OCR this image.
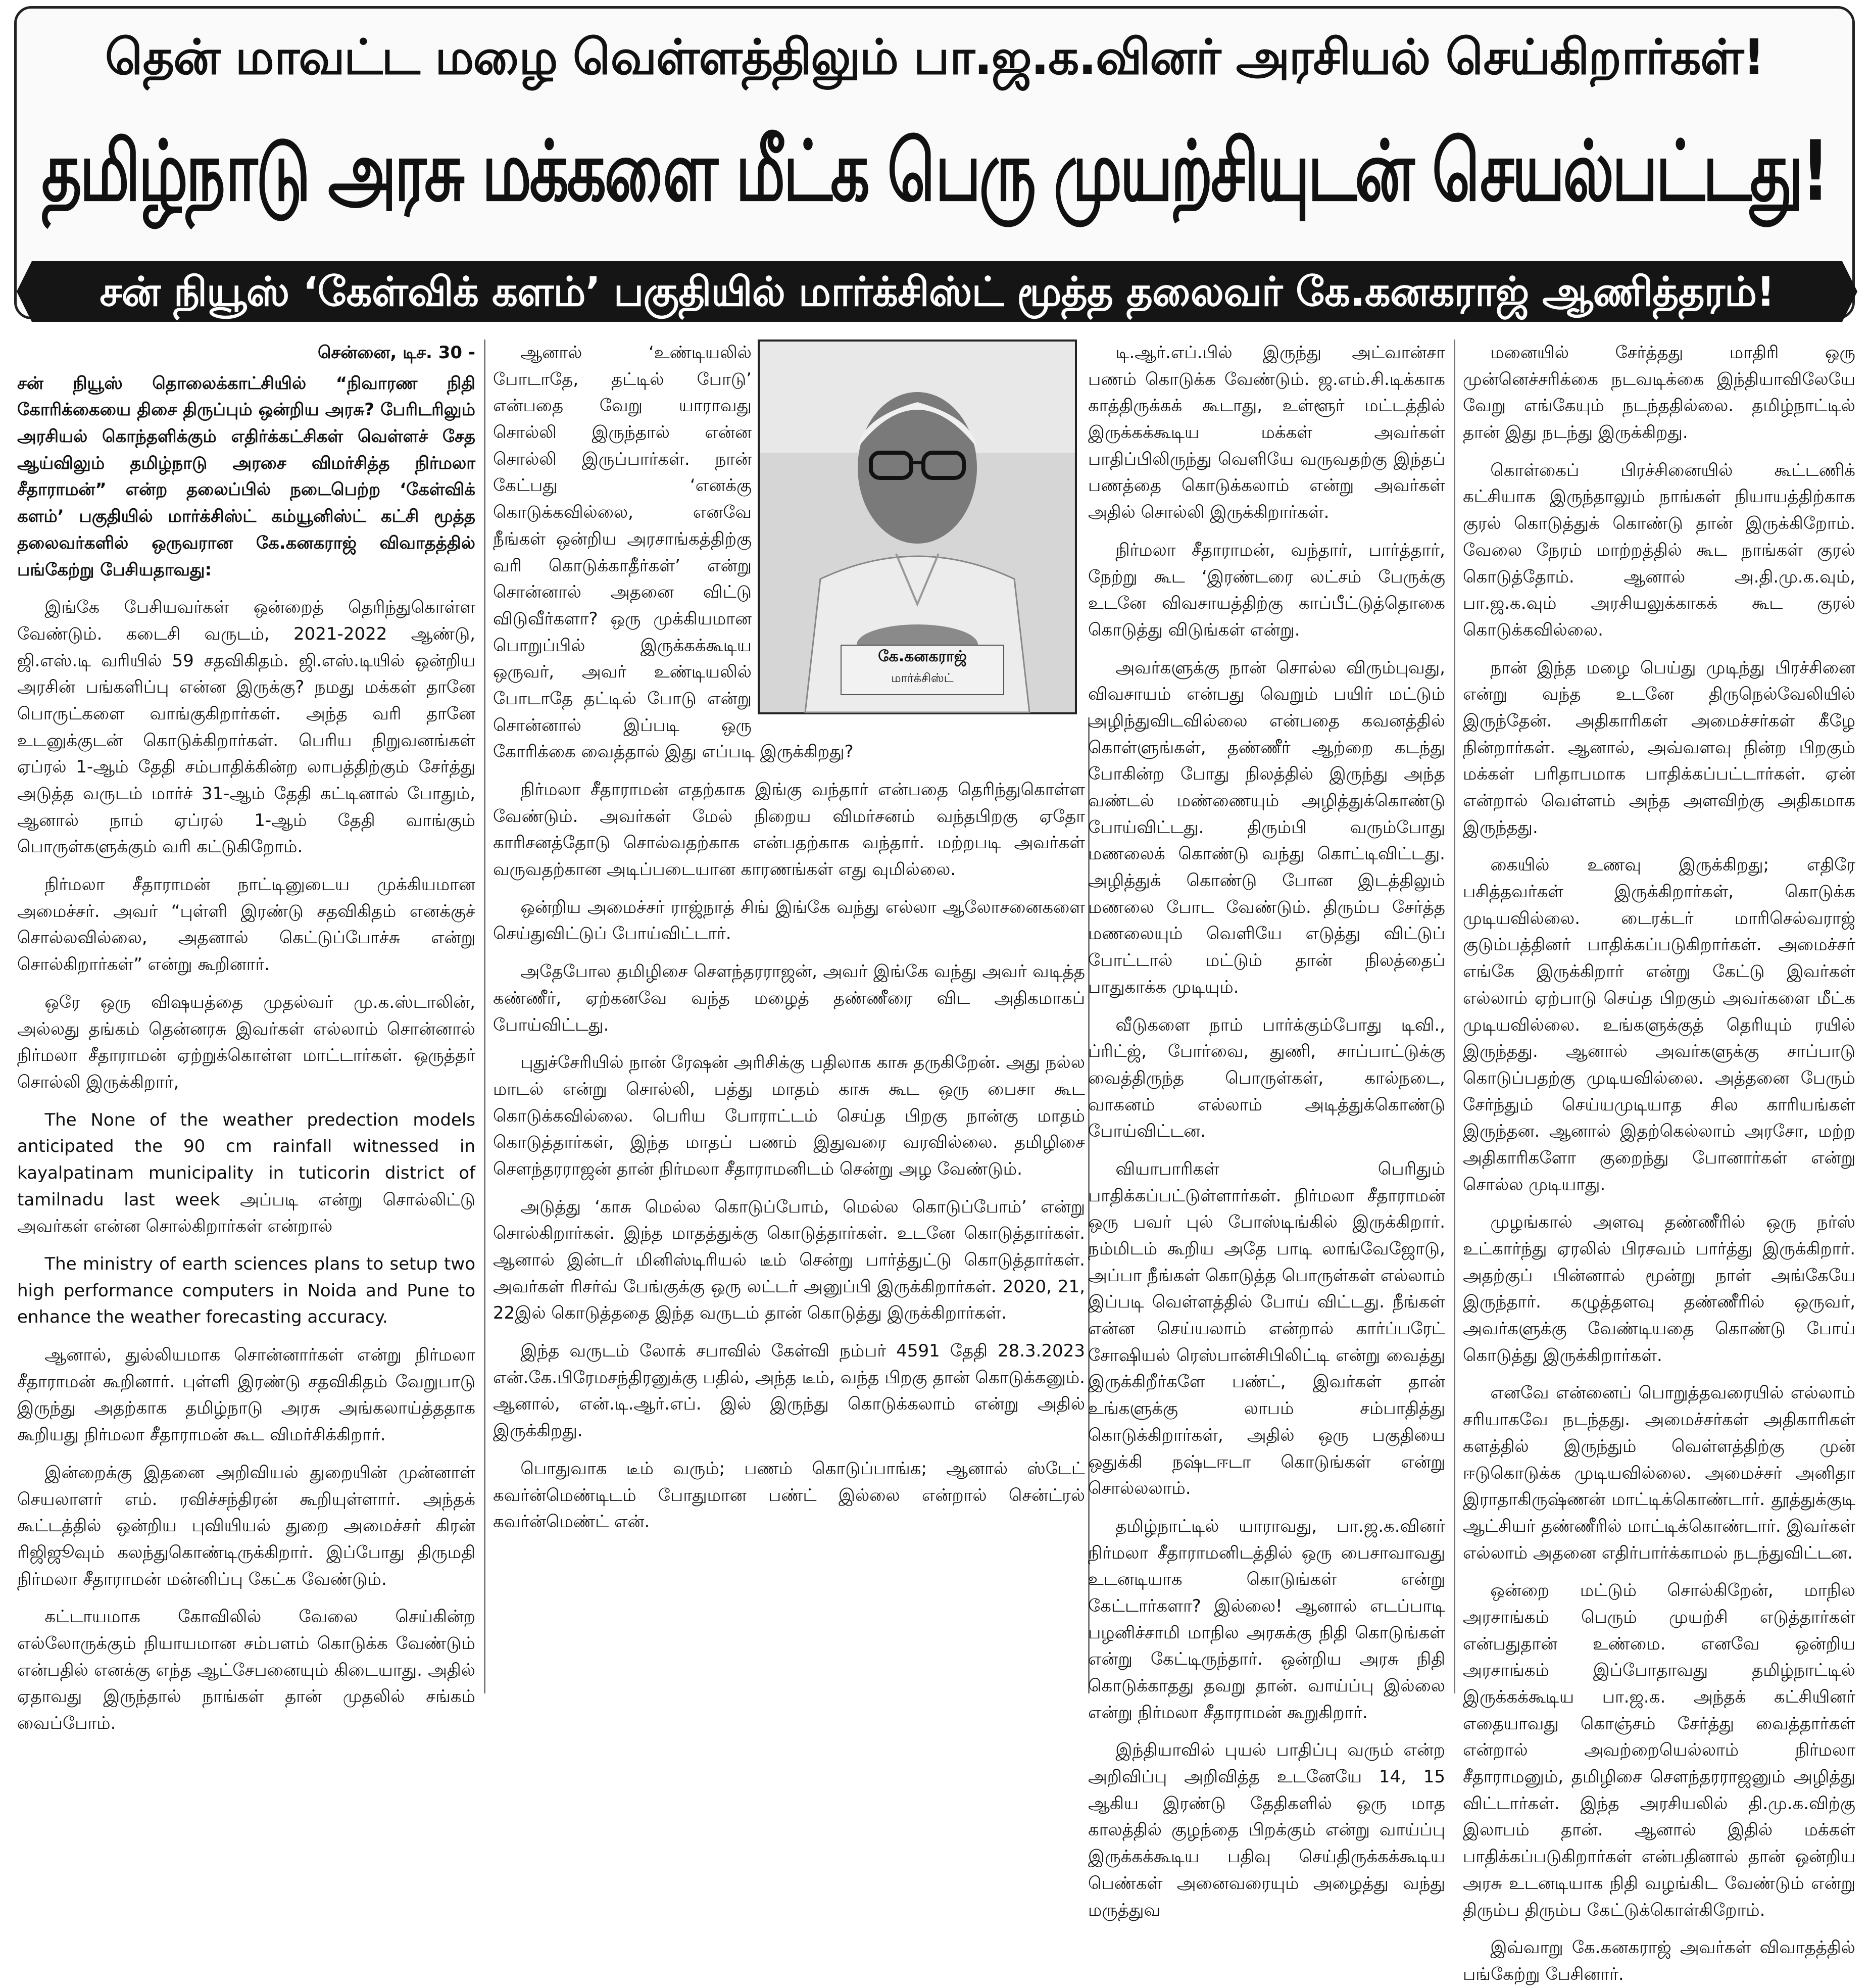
தென் மாவட்ட மழை வெள்ளத்திலும் பா.ஜ.க.வினர் அரசியல் செய்கிறார்கள்!
தமிழ்நாடு அரசு மக்களை மீட்க பெரு முயற்சியுடன் செயல்பட்டது!
சன் நியூஸ் ‘கேள்விக் களம்’ பகுதியில் மார்க்சிஸ்ட் மூத்த தலைவர் கே.கனகராஜ் ஆணித்தரம்!

சென்னை, டிச. 30 -

சன் நியூஸ் தொலைக்காட்சியில் “நிவாரண நிதி கோரிக்கையை திசை திருப்பும் ஒன்றிய அரசு? பேரிடரிலும் அரசியல் கொந்தளிக்கும் எதிர்க்கட்சிகள் வெள்ளச் சேத ஆய்விலும் தமிழ்நாடு அரசை விமர்சித்த நிர்மலா சீதாராமன்” என்ற தலைப்பில் நடைபெற்ற ‘கேள்விக் களம்’ பகுதியில் மார்க்சிஸ்ட் கம்யூனிஸ்ட் கட்சி மூத்த தலைவர்களில் ஒருவரான கே.கனகராஜ் விவாதத்தில் பங்கேற்று பேசியதாவது:

இங்கே பேசியவர்கள் ஒன்றைத் தெரிந்துகொள்ள வேண்டும். கடைசி வருடம், 2021-2022 ஆண்டு, ஜி.எஸ்.டி வரியில் 59 சதவிகிதம். ஜி.எஸ்.டியில் ஒன்றிய அரசின் பங்களிப்பு என்ன இருக்கு? நமது மக்கள் தானே பொருட்களை வாங்குகிறார்கள். அந்த வரி தானே உடனுக்குடன் கொடுக்கிறார்கள். பெரிய நிறுவனங்கள் ஏப்ரல் 1-ஆம் தேதி சம்பாதிக்கின்ற லாபத்திற்கும் சேர்த்து அடுத்த வருடம் மார்ச் 31-ஆம் தேதி கட்டினால் போதும், ஆனால் நாம் ஏப்ரல் 1-ஆம் தேதி வாங்கும் பொருள்களுக்கும் வரி கட்டுகிறோம்.

நிர்மலா சீதாராமன் நாட்டினுடைய முக்கியமான அமைச்சர். அவர் “புள்ளி இரண்டு சதவிகிதம் எனக்குச் சொல்லவில்லை, அதனால் கெட்டுப்போச்சு என்று சொல்கிறார்கள்” என்று கூறினார்.

ஒரே ஒரு விஷயத்தை முதல்வர் மு.க.ஸ்டாலின், அல்லது தங்கம் தென்னரசு இவர்கள் எல்லாம் சொன்னால் நிர்மலா சீதாராமன் ஏற்றுக்கொள்ள மாட்டார்கள். ஒருத்தர் சொல்லி இருக்கிறார்,

The None of the weather predection models anticipated the 90 cm rainfall witnessed in kayalpatinam municipality in tuticorin district of tamilnadu last week அப்படி என்று சொல்லிட்டு அவர்கள் என்ன சொல்கிறார்கள் என்றால்

The ministry of earth sciences plans to setup two high performance computers in Noida and Pune to enhance the weather forecasting accuracy.

ஆனால், துல்லியமாக சொன்னார்கள் என்று நிர்மலா சீதாராமன் கூறினார். புள்ளி இரண்டு சதவிகிதம் வேறுபாடு இருந்து அதற்காக தமிழ்நாடு அரசு அங்கலாய்த்ததாக கூறியது நிர்மலா சீதாராமன் கூட விமர்சிக்கிறார்.

இன்றைக்கு இதனை அறிவியல் துறையின் முன்னாள் செயலாளர் எம். ரவிச்சந்திரன் கூறியுள்ளார். அந்தக் கூட்டத்தில் ஒன்றிய புவியியல் துறை அமைச்சர் கிரன் ரிஜிஜூவும் கலந்துகொண்டிருக்கிறார். இப்போது திருமதி நிர்மலா சீதாராமன் மன்னிப்பு கேட்க வேண்டும்.

கட்டாயமாக கோவிலில் வேலை செய்கின்ற எல்லோருக்கும் நியாயமான சம்பளம் கொடுக்க வேண்டும் என்பதில் எனக்கு எந்த ஆட்சேபனையும் கிடையாது. அதில் ஏதாவது இருந்தால் நாங்கள் தான் முதலில் சங்கம் வைப்போம்.

ஆனால் ‘உண்டியலில் போடாதே, தட்டில் போடு’ என்பதை வேறு யாராவது சொல்லி இருந்தால் என்ன சொல்லி இருப்பார்கள். நான் கேட்பது ‘எனக்கு கொடுக்கவில்லை, எனவே நீங்கள் ஒன்றிய அரசாங்கத்திற்கு வரி கொடுக்காதீர்கள்’ என்று சொன்னால் அதனை விட்டு விடுவீர்களா? ஒரு முக்கியமான பொறுப்பில் இருக்கக்கூடிய ஒருவர், அவர் உண்டியலில் போடாதே தட்டில் போடு என்று சொன்னால் இப்படி ஒரு கோரிக்கை வைத்தால் இது எப்படி இருக்கிறது?

நிர்மலா சீதாராமன் எதற்காக இங்கு வந்தார் என்பதை தெரிந்துகொள்ள வேண்டும். அவர்கள் மேல் நிறைய விமர்சனம் வந்தபிறகு ஏதோ காரிசனத்தோடு சொல்வதற்காக என்பதற்காக வந்தார். மற்றபடி அவர்கள் வருவதற்கான அடிப்படையான காரணங்கள் எது வுமில்லை.

ஒன்றிய அமைச்சர் ராஜ்நாத் சிங் இங்கே வந்து எல்லா ஆலோசனைகளை செய்துவிட்டுப் போய்விட்டார்.

அதேபோல தமிழிசை சௌந்தரராஜன், அவர் இங்கே வந்து அவர் வடித்த கண்ணீர், ஏற்கனவே வந்த மழைத் தண்ணீரை விட அதிகமாகப் போய்விட்டது.

புதுச்சேரியில் நான் ரேஷன் அரிசிக்கு பதிலாக காசு தருகிறேன். அது நல்ல மாடல் என்று சொல்லி, பத்து மாதம் காசு கூட ஒரு பைசா கூட கொடுக்கவில்லை. பெரிய போராட்டம் செய்த பிறகு நான்கு மாதம் கொடுத்தார்கள், இந்த மாதப் பணம் இதுவரை வரவில்லை. தமிழிசை சௌந்தரராஜன் தான் நிர்மலா சீதாராமனிடம் சென்று அழ வேண்டும்.

அடுத்து ‘காசு மெல்ல கொடுப்போம், மெல்ல கொடுப்போம்’ என்று சொல்கிறார்கள். இந்த மாதத்துக்கு கொடுத்தார்கள். உடனே கொடுத்தார்கள். ஆனால் இன்டர் மினிஸ்டிரியல் டீம் சென்று பார்த்துட்டு கொடுத்தார்கள். அவர்கள் ரிசர்வ் பேங்குக்கு ஒரு லட்டர் அனுப்பி இருக்கிறார்கள். 2020, 21, 22இல் கொடுத்ததை இந்த வருடம் தான் கொடுத்து இருக்கிறார்கள்.

இந்த வருடம் லோக் சபாவில் கேள்வி நம்பர் 4591 தேதி 28.3.2023 என்.கே.பிரேமசந்திரனுக்கு பதில், அந்த டீம், வந்த பிறகு தான் கொடுக்கனும். ஆனால், என்.டி.ஆர்.எப். இல் இருந்து கொடுக்கலாம் என்று அதில் இருக்கிறது.

பொதுவாக டீம் வரும்; பணம் கொடுப்பாங்க; ஆனால் ஸ்டேட் கவர்ன்மெண்டிடம் போதுமான பண்ட் இல்லை என்றால் சென்ட்ரல் கவர்ன்மெண்ட் என்.

கே.கனகராஜ்
மார்க்சிஸ்ட்

டி.ஆர்.எப்.பில் இருந்து அட்வான்சா பணம் கொடுக்க வேண்டும். ஜ.எம்.சி.டிக்காக காத்திருக்கக் கூடாது, உள்ளூர் மட்டத்தில் இருக்கக்கூடிய மக்கள் அவர்கள் பாதிப்பிலிருந்து வெளியே வருவதற்கு இந்தப் பணத்தை கொடுக்கலாம் என்று அவர்கள் அதில் சொல்லி இருக்கிறார்கள்.

நிர்மலா சீதாராமன், வந்தார், பார்த்தார், நேற்று கூட ‘இரண்டரை லட்சம் பேருக்கு உடனே விவசாயத்திற்கு காப்பீட்டுத்தொகை கொடுத்து விடுங்கள் என்று.

அவர்களுக்கு நான் சொல்ல விரும்புவது, விவசாயம் என்பது வெறும் பயிர் மட்டும் அழிந்துவிடவில்லை என்பதை கவனத்தில் கொள்ளுங்கள், தண்ணீர் ஆற்றை கடந்து போகின்ற போது நிலத்தில் இருந்து அந்த வண்டல் மண்ணையும் அழித்துக்கொண்டு போய்விட்டது. திரும்பி வரும்போது மணலைக் கொண்டு வந்து கொட்டிவிட்டது. அழித்துக் கொண்டு போன இடத்திலும் மணலை போட வேண்டும். திரும்ப சேர்த்த மணலையும் வெளியே எடுத்து விட்டுப் போட்டால் மட்டும் தான் நிலத்தைப் பாதுகாக்க முடியும்.

வீடுகளை நாம் பார்க்கும்போது டிவி., ப்ரிட்ஜ், போர்வை, துணி, சாப்பாட்டுக்கு வைத்திருந்த பொருள்கள், கால்நடை, வாகனம் எல்லாம் அடித்துக்கொண்டு போய்விட்டன.

வியாபாரிகள் பெரிதும் பாதிக்கப்பட்டுள்ளார்கள். நிர்மலா சீதாராமன் ஒரு பவர் புல் போஸ்டிங்கில் இருக்கிறார். நம்மிடம் கூறிய அதே பாடி லாங்வேஜோடு, அப்பா நீங்கள் கொடுத்த பொருள்கள் எல்லாம் இப்படி வெள்ளத்தில் போய் விட்டது. நீங்கள் என்ன செய்யலாம் என்றால் கார்ப்பரேட் சோஷியல் ரெஸ்பான்சிபிலிட்டி என்று வைத்து இருக்கிறீர்களே பண்ட், இவர்கள் தான் உங்களுக்கு லாபம் சம்பாதித்து கொடுக்கிறார்கள், அதில் ஒரு பகுதியை ஒதுக்கி நஷ்டஈடா கொடுங்கள் என்று சொல்லலாம்.

தமிழ்நாட்டில் யாராவது, பா.ஜ.க.வினர் நிர்மலா சீதாராமனிடத்தில் ஒரு பைசாவாவது உடனடியாக கொடுங்கள் என்று கேட்டார்களா? இல்லை! ஆனால் எடப்பாடி பழனிச்சாமி மாநில அரசுக்கு நிதி கொடுங்கள் என்று கேட்டிருந்தார். ஒன்றிய அரசு நிதி கொடுக்காதது தவறு தான். வாய்ப்பு இல்லை என்று நிர்மலா சீதாராமன் கூறுகிறார்.

இந்தியாவில் புயல் பாதிப்பு வரும் என்ற அறிவிப்பு அறிவித்த உடனேயே 14, 15 ஆகிய இரண்டு தேதிகளில் ஒரு மாத காலத்தில் குழந்தை பிறக்கும் என்று வாய்ப்பு இருக்கக்கூடிய பதிவு செய்திருக்கக்கூடிய பெண்கள் அனைவரையும் அழைத்து வந்து மருத்துவ

மனையில் சேர்த்தது மாதிரி ஒரு முன்னெச்சரிக்கை நடவடிக்கை இந்தியாவிலேயே வேறு எங்கேயும் நடந்ததில்லை. தமிழ்நாட்டில் தான் இது நடந்து இருக்கிறது.

கொள்கைப் பிரச்சினையில் கூட்டணிக் கட்சியாக இருந்தாலும் நாங்கள் நியாயத்திற்காக குரல் கொடுத்துக் கொண்டு தான் இருக்கிறோம். வேலை நேரம் மாற்றத்தில் கூட நாங்கள் குரல் கொடுத்தோம். ஆனால் அ.தி.மு.க.வும், பா.ஜ.க.வும் அரசியலுக்காகக் கூட குரல் கொடுக்கவில்லை.

நான் இந்த மழை பெய்து முடிந்து பிரச்சினை என்று வந்த உடனே திருநெல்வேலியில் இருந்தேன். அதிகாரிகள் அமைச்சர்கள் கீழே நின்றார்கள். ஆனால், அவ்வளவு நின்ற பிறகும் மக்கள் பரிதாபமாக பாதிக்கப்பட்டார்கள். ஏன் என்றால் வெள்ளம் அந்த அளவிற்கு அதிகமாக இருந்தது.

கையில் உணவு இருக்கிறது; எதிரே பசித்தவர்கள் இருக்கிறார்கள், கொடுக்க முடியவில்லை. டைரக்டர் மாரிசெல்வராஜ் குடும்பத்தினர் பாதிக்கப்படுகிறார்கள். அமைச்சர் எங்கே இருக்கிறார் என்று கேட்டு இவர்கள் எல்லாம் ஏற்பாடு செய்த பிறகும் அவர்களை மீட்க முடியவில்லை. உங்களுக்குத் தெரியும் ரயில் இருந்தது. ஆனால் அவர்களுக்கு சாப்பாடு கொடுப்பதற்கு முடியவில்லை. அத்தனை பேரும் சேர்ந்தும் செய்யமுடியாத சில காரியங்கள் இருந்தன. ஆனால் இதற்கெல்லாம் அரசோ, மற்ற அதிகாரிகளோ குறைந்து போனார்கள் என்று சொல்ல முடியாது.

முழங்கால் அளவு தண்ணீரில் ஒரு நர்ஸ் உட்கார்ந்து ஏரலில் பிரசவம் பார்த்து இருக்கிறார். அதற்குப் பின்னால் மூன்று நாள் அங்கேயே இருந்தார். கழுத்தளவு தண்ணீரில் ஒருவர், அவர்களுக்கு வேண்டியதை கொண்டு போய் கொடுத்து இருக்கிறார்கள்.

எனவே என்னைப் பொறுத்தவரையில் எல்லாம் சரியாகவே நடந்தது. அமைச்சர்கள் அதிகாரிகள் களத்தில் இருந்தும் வெள்ளத்திற்கு முன் ஈடுகொடுக்க முடியவில்லை. அமைச்சர் அனிதா இராதாகிருஷ்ணன் மாட்டிக்கொண்டார். தூத்துக்குடி ஆட்சியர் தண்ணீரில் மாட்டிக்கொண்டார். இவர்கள் எல்லாம் அதனை எதிர்பார்க்காமல் நடந்துவிட்டன.

ஒன்றை மட்டும் சொல்கிறேன், மாநில அரசாங்கம் பெரும் முயற்சி எடுத்தார்கள் என்பதுதான் உண்மை. எனவே ஒன்றிய அரசாங்கம் இப்போதாவது தமிழ்நாட்டில் இருக்கக்கூடிய பா.ஜ.க. அந்தக் கட்சியினர் எதையாவது கொஞ்சம் சேர்த்து வைத்தார்கள் என்றால் அவற்றையெல்லாம் நிர்மலா சீதாராமனும், தமிழிசை சௌந்தரராஜனும் அழித்து விட்டார்கள். இந்த அரசியலில் தி.மு.க.விற்கு இலாபம் தான். ஆனால் இதில் மக்கள் பாதிக்கப்படுகிறார்கள் என்பதினால் தான் ஒன்றிய அரசு உடனடியாக நிதி வழங்கிட வேண்டும் என்று திரும்ப திரும்ப கேட்டுக்கொள்கிறோம்.

இவ்வாறு கே.கனகராஜ் அவர்கள் விவாதத்தில் பங்கேற்று பேசினார்.
